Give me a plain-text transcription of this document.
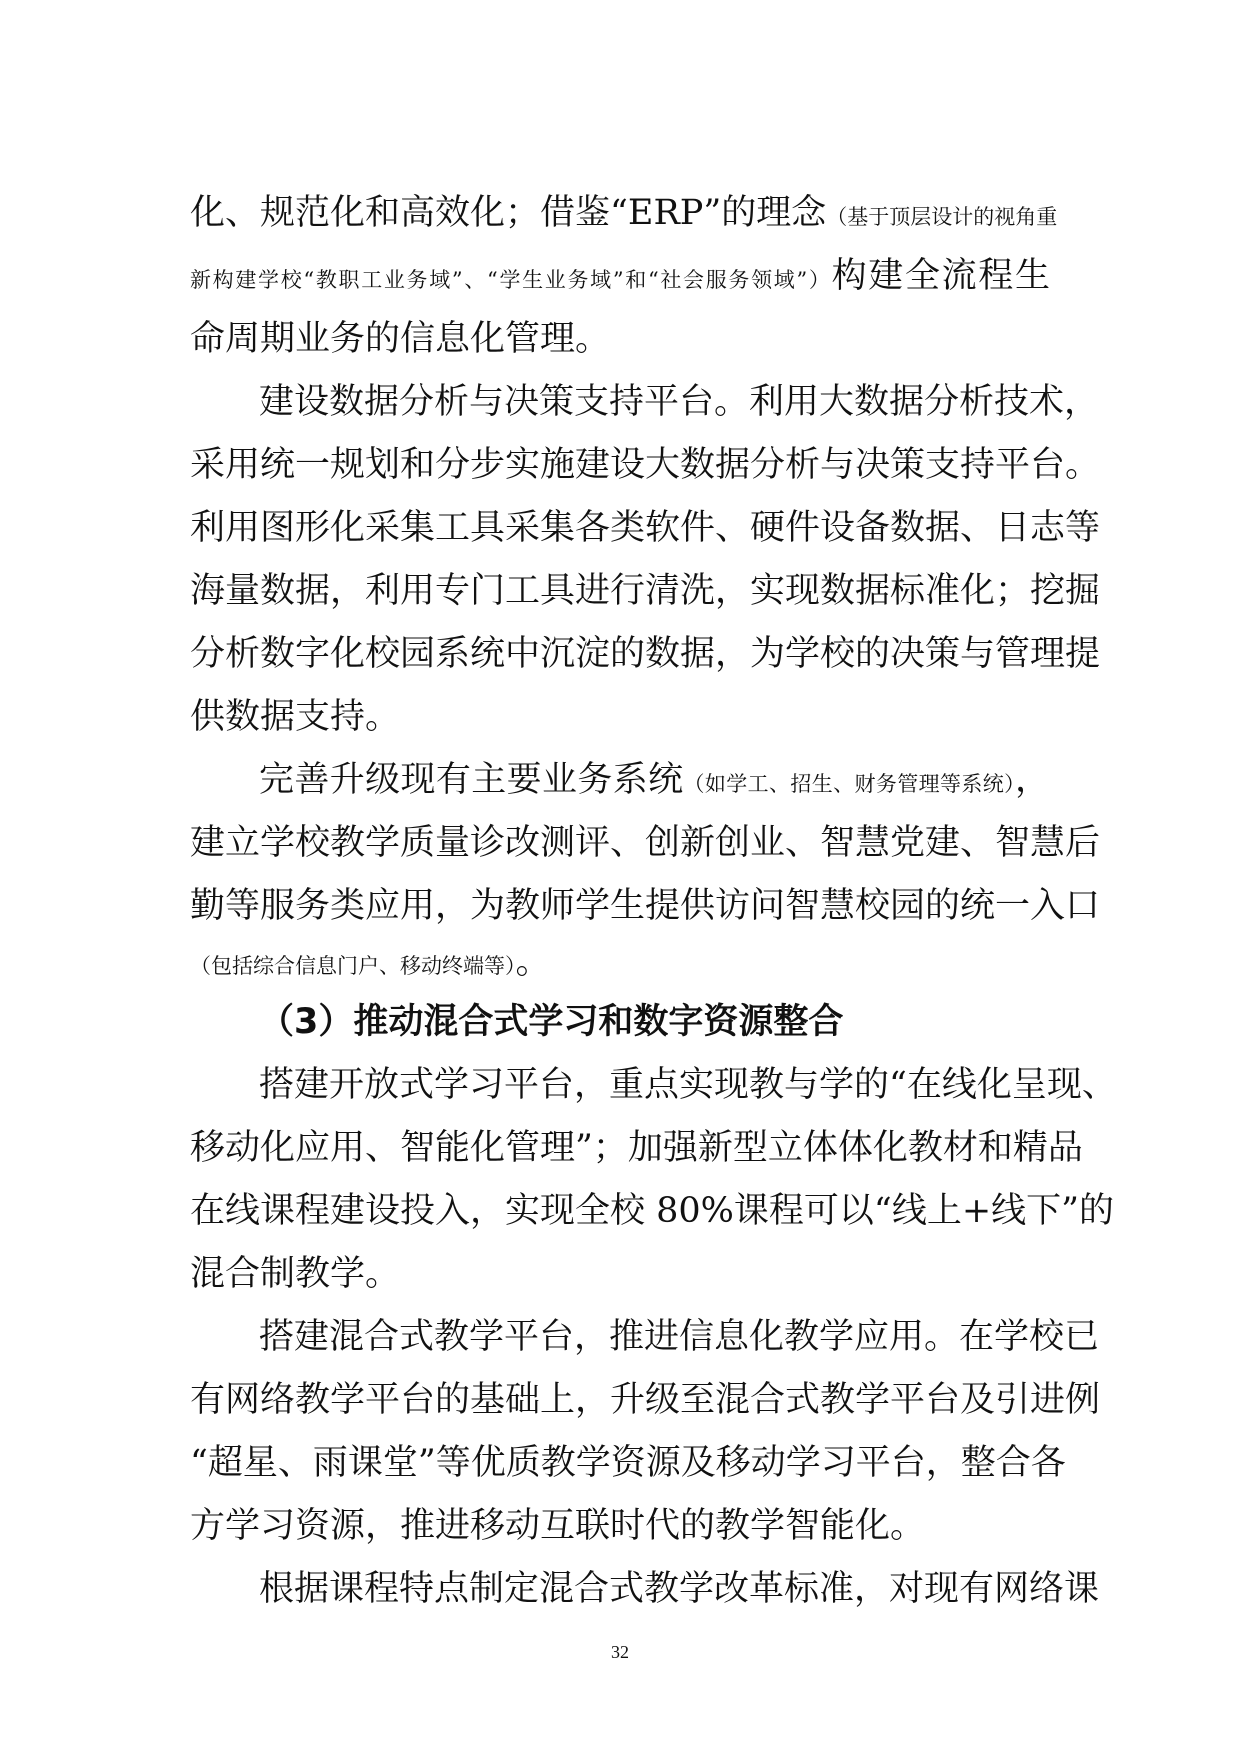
化、规范化和高效化；借鉴“ERP”的理念（基于顶层设计的视角重
新构建学校“教职工业务域”、“学生业务域”和“社会服务领域”）构建全流程生
命周期业务的信息化管理。
建设数据分析与决策支持平台。利用大数据分析技术，
采用统一规划和分步实施建设大数据分析与决策支持平台。
利用图形化采集工具采集各类软件、硬件设备数据、日志等
海量数据，利用专门工具进行清洗，实现数据标准化；挖掘
分析数字化校园系统中沉淀的数据，为学校的决策与管理提
供数据支持。
完善升级现有主要业务系统（如学工、招生、财务管理等系统），
建立学校教学质量诊改测评、创新创业、智慧党建、智慧后
勤等服务类应用，为教师学生提供访问智慧校园的统一入口
（包括综合信息门户、移动终端等）。
（3）推动混合式学习和数字资源整合
搭建开放式学习平台，重点实现教与学的“在线化呈现、
移动化应用、智能化管理”；加强新型立体体化教材和精品
在线课程建设投入，实现全校 80%课程可以“线上+线下”的
混合制教学。
搭建混合式教学平台，推进信息化教学应用。在学校已
有网络教学平台的基础上，升级至混合式教学平台及引进例
“超星、雨课堂”等优质教学资源及移动学习平台，整合各
方学习资源，推进移动互联时代的教学智能化。
根据课程特点制定混合式教学改革标准，对现有网络课
32
